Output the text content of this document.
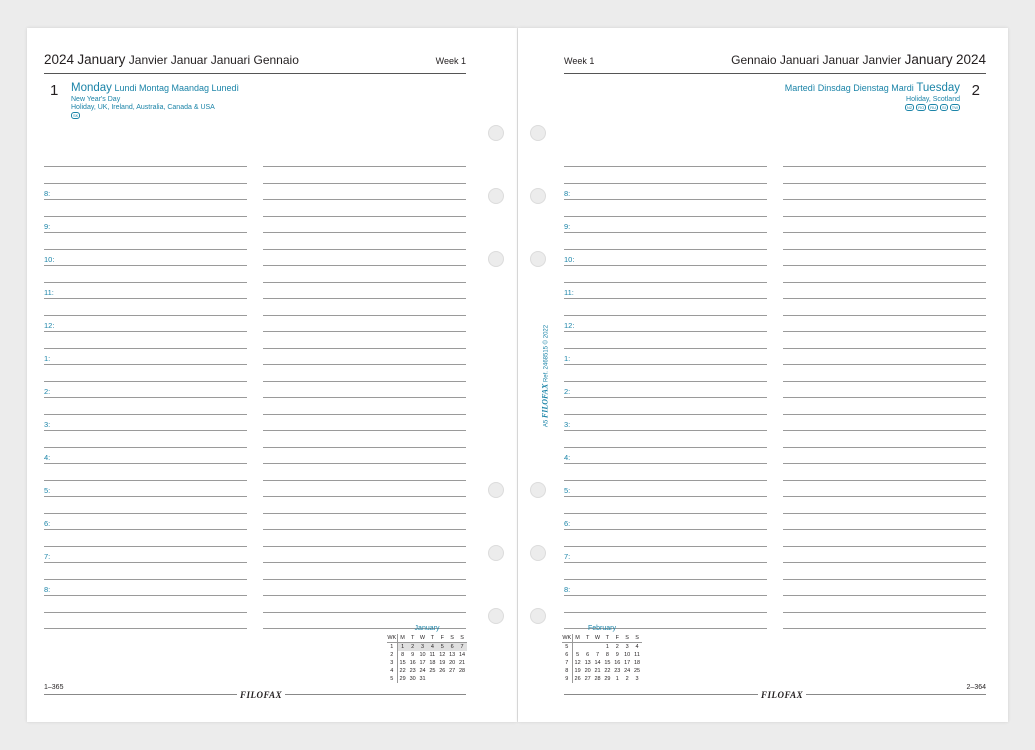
2024 January Janvier Januar Januari Gennaio	Week 1
1 Monday Lundi Montag Maandag Lunedì
New Year's Day
Holiday, UK, Ireland, Australia, Canada & USA
SK
8:
9:
10:
11:
12:
1:
2:
3:
4:
5:
6:
7:
8:
January
WK	M	T	W	T	F	S	S
1	1	2	3	4	5	6	7
2	8	9	10	11	12	13	14
3	15	16	17	18	19	20	21
4	22	23	24	25	26	27	28
5	29	30	31				
1–365
FILOFAX
Week 1	Gennaio Januari Januar Janvier January 2024
Martedì Dinsdag Dienstag Mardi Tuesday 2
Holiday, Scotland
NZ	RO	RU	SI	TW
8:
9:
10:
11:
12:
1:
2:
3:
4:
5:
6:
7:
8:
February
WK	M	T	W	T	F	S	S
5				1	2	3	4
6	5	6	7	8	9	10	11
7	12	13	14	15	16	17	18
8	19	20	21	22	23	24	25
9	26	27	28	29	1	2	3
2–364
FILOFAX
A5 FILOFAX Ref. 2468515 © 2022
